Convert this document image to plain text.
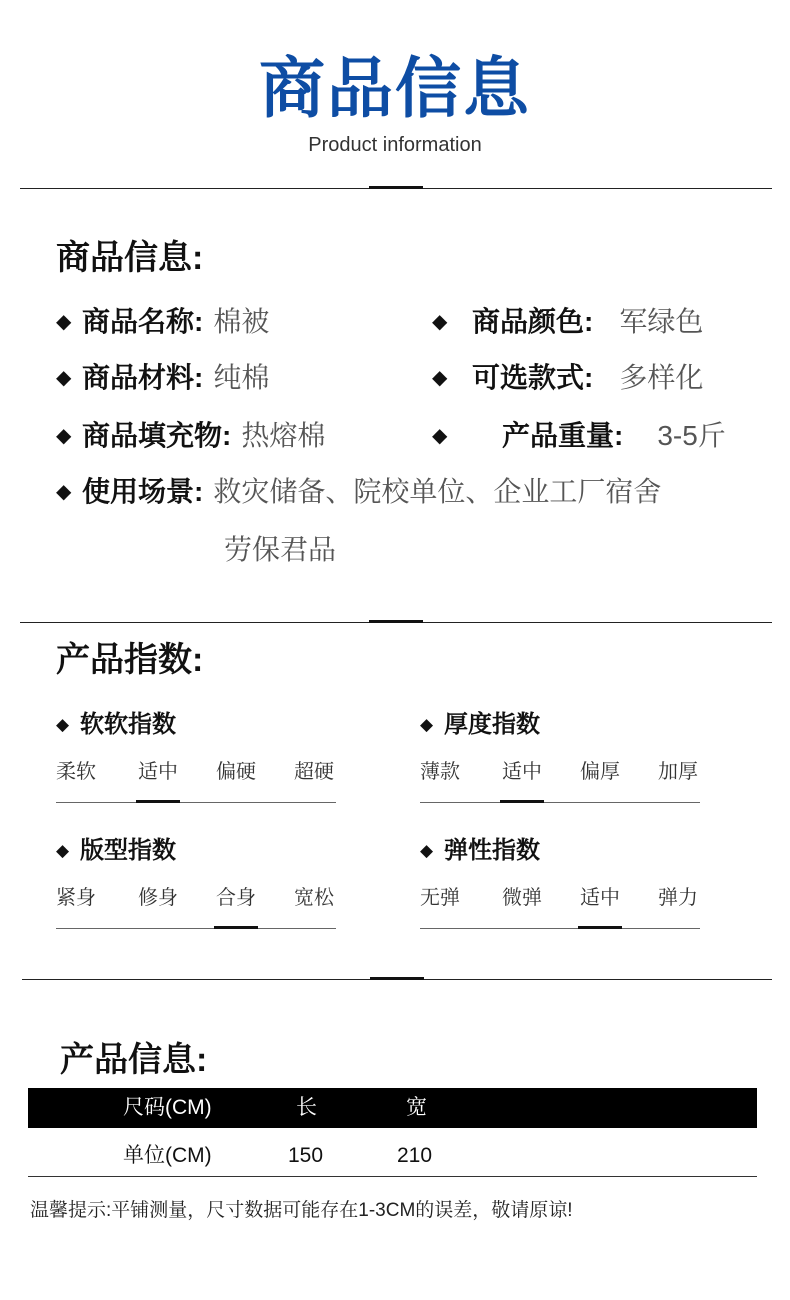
商品信息
Product information
商品信息:
◆ 商品名称: 棉被
◆ 商品材料: 纯棉
◆ 商品填充物: 热熔棉
◆ 商品颜色: 军绿色
◆ 可选款式: 多样化
◆ 产品重量: 3-5斤
◆ 使用场景: 救灾储备、院校单位、企业工厂宿舍
劳保君品
产品指数:
◆ 软软指数
柔软 适中 偏硬 超硬
◆ 厚度指数
薄款 适中 偏厚 加厚
◆ 版型指数
紧身 修身 合身 宽松
◆ 弹性指数
无弹 微弹 适中 弹力
产品信息:
尺码(CM)	长	宽
单位(CM)	150	210
温馨提示:平铺测量，尺寸数据可能存在1-3CM的误差，敬请原谅!
